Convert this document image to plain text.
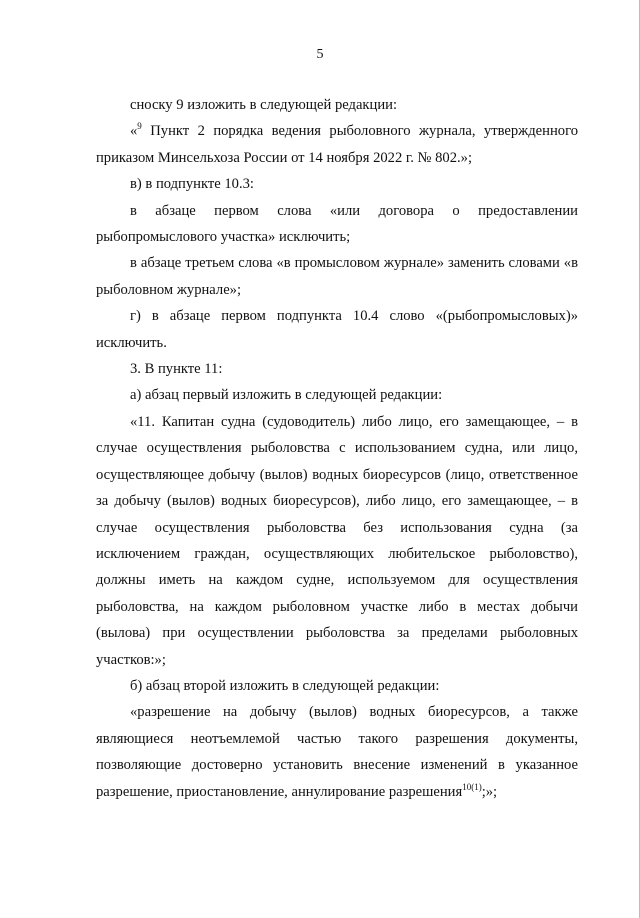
5

сноску 9 изложить в следующей редакции:

«$^9$ Пункт 2 порядка ведения рыболовного журнала, утвержденного приказом Минсельхоза России от 14 ноября 2022 г. № 802.»;

в) в подпункте 10.3:

в абзаце первом слова «или договора о предоставлении рыбопромыслового участка» исключить;

в абзаце третьем слова «в промысловом журнале» заменить словами «в рыболовном журнале»;

г) в абзаце первом подпункта 10.4 слово «(рыбопромысловых)» исключить.

3. В пункте 11:

а) абзац первый изложить в следующей редакции:

«11. Капитан судна (судоводитель) либо лицо, его замещающее, – в случае осуществления рыболовства с использованием судна, или лицо, осуществляющее добычу (вылов) водных биоресурсов (лицо, ответственное за добычу (вылов) водных биоресурсов), либо лицо, его замещающее, – в случае осуществления рыболовства без использования судна (за исключением граждан, осуществляющих любительское рыболовство), должны иметь на каждом судне, используемом для осуществления рыболовства, на каждом рыболовном участке либо в местах добычи (вылова) при осуществлении рыболовства за пределами рыболовных участков:»;

б) абзац второй изложить в следующей редакции:

«разрешение на добычу (вылов) водных биоресурсов, а также являющиеся неотъемлемой частью такого разрешения документы, позволяющие достоверно установить внесение изменений в указанное разрешение, приостановление, аннулирование разрешения$^{10(1)}$;»;
